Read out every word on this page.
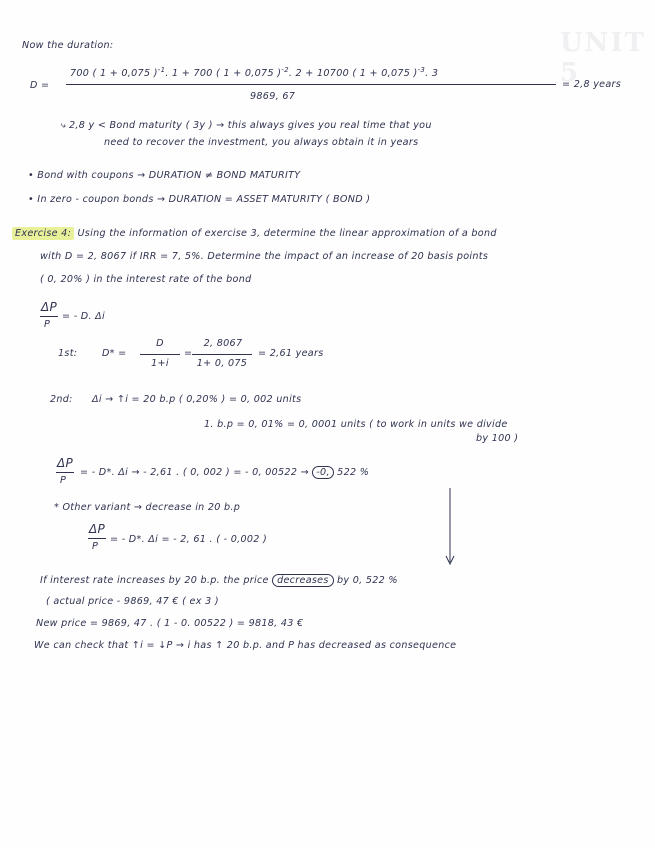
UNIT 5
Now the duration:
D =
700 ( 1 + 0,075 )$^{-1}$. 1 + 700 ( 1 + 0,075 )$^{-2}$. 2 + 10700 ( 1 + 0,075 )$^{-3}$. 3
9869, 67
= 2,8 years
⤷ 2,8 y < Bond maturity ( 3y ) → this always gives you real time that you
need to recover the investment, you always obtain it in years
• Bond with coupons → DURATION ≠ BOND MATURITY
• In zero - coupon bonds → DURATION = ASSET MATURITY ( BOND )
Exercise 4: Using the information of exercise 3, determine the linear approximation of a bond
with D = 2, 8067 if IRR = 7, 5%. Determine the impact of an increase of 20 basis points
( 0, 20% ) in the interest rate of the bond
ΔP
P
= - D. Δi
1st:	D* =
D
1+i
=
2, 8067
1+ 0, 075
= 2,61 years
2nd: Δi → ↑i = 20 b.p ( 0,20% ) = 0, 002 units
1. b.p = 0, 01% = 0, 0001 units ( to work in units we divide
by 100 )
ΔP
P
= - D*. Δi → - 2,61 . ( 0, 002 ) = - 0, 00522 → -0, 522 %
* Other variant → decrease in 20 b.p
ΔP
P
= - D*. Δi = - 2, 61 . ( - 0,002 )
If interest rate increases by 20 b.p. the price decreases by 0, 522 %
( actual price - 9869, 47 € ( ex 3 )
New price = 9869, 47 . ( 1 - 0. 00522 ) = 9818, 43 €
We can check that ↑i = ↓P → i has ↑ 20 b.p. and P has decreased as consequence
